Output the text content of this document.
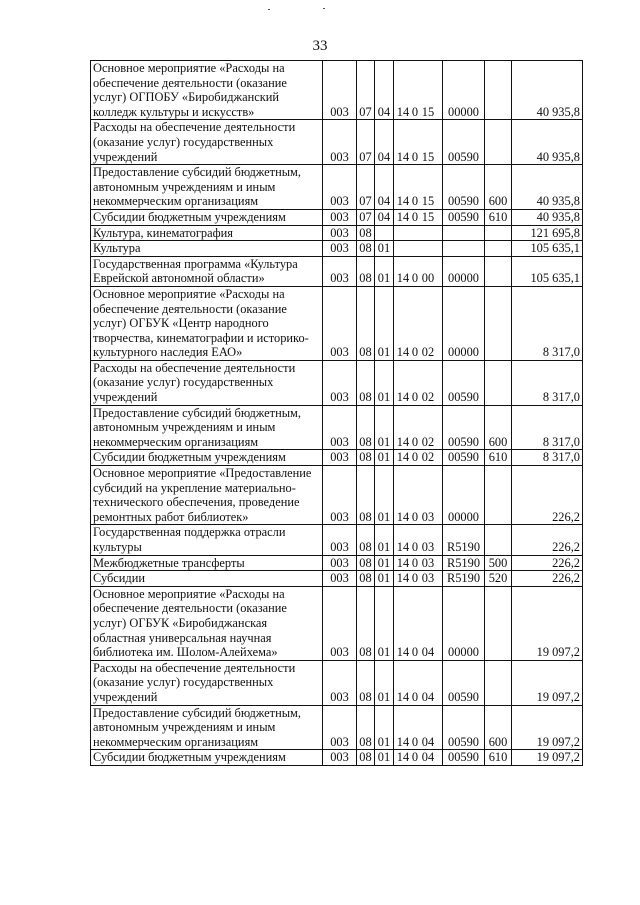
33
Основное мероприятие «Расходы на обеспечение деятельности (оказание услуг) ОГПОБУ «Биробиджанский колледж культуры и искусств»	003	07	04	14 0 15	00000		40 935,8
Расходы на обеспечение деятельности (оказание услуг) государственных учреждений	003	07	04	14 0 15	00590		40 935,8
Предоставление субсидий бюджетным, автономным учреждениям и иным некоммерческим организациям	003	07	04	14 0 15	00590	600	40 935,8
Субсидии бюджетным учреждениям	003	07	04	14 0 15	00590	610	40 935,8
Культура, кинематография	003	08					121 695,8
Культура	003	08	01				105 635,1
Государственная программа «Культура Еврейской автономной области»	003	08	01	14 0 00	00000		105 635,1
Основное мероприятие «Расходы на обеспечение деятельности (оказание услуг) ОГБУК «Центр народного творчества, кинематографии и историко-культурного наследия ЕАО»	003	08	01	14 0 02	00000		8 317,0
Расходы на обеспечение деятельности (оказание услуг) государственных учреждений	003	08	01	14 0 02	00590		8 317,0
Предоставление субсидий бюджетным, автономным учреждениям и иным некоммерческим организациям	003	08	01	14 0 02	00590	600	8 317,0
Субсидии бюджетным учреждениям	003	08	01	14 0 02	00590	610	8 317,0
Основное мероприятие «Предоставление субсидий на укрепление материально-технического обеспечения, проведение ремонтных работ библиотек»	003	08	01	14 0 03	00000		226,2
Государственная поддержка отрасли культуры	003	08	01	14 0 03	R5190		226,2
Межбюджетные трансферты	003	08	01	14 0 03	R5190	500	226,2
Субсидии	003	08	01	14 0 03	R5190	520	226,2
Основное мероприятие «Расходы на обеспечение деятельности (оказание услуг) ОГБУК «Биробиджанская областная универсальная научная библиотека им. Шолом-Алейхема»	003	08	01	14 0 04	00000		19 097,2
Расходы на обеспечение деятельности (оказание услуг) государственных учреждений	003	08	01	14 0 04	00590		19 097,2
Предоставление субсидий бюджетным, автономным учреждениям и иным некоммерческим организациям	003	08	01	14 0 04	00590	600	19 097,2
Субсидии бюджетным учреждениям	003	08	01	14 0 04	00590	610	19 097,2
